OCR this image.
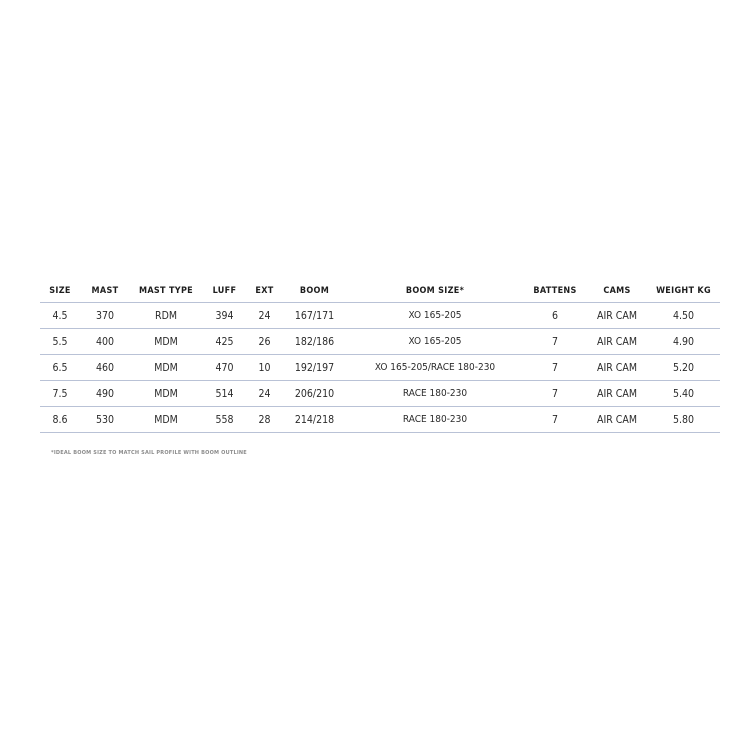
SIZE	MAST	MAST TYPE	LUFF	EXT	BOOM	BOOM SIZE*	BATTENS	CAMS	WEIGHT KG
4.5	370	RDM	394	24	167/171	XO 165-205	6	AIR CAM	4.50
5.5	400	MDM	425	26	182/186	XO 165-205	7	AIR CAM	4.90
6.5	460	MDM	470	10	192/197	XO 165-205/RACE 180-230	7	AIR CAM	5.20
7.5	490	MDM	514	24	206/210	RACE 180-230	7	AIR CAM	5.40
8.6	530	MDM	558	28	214/218	RACE 180-230	7	AIR CAM	5.80
*IDEAL BOOM SIZE TO MATCH SAIL PROFILE WITH BOOM OUTLINE
